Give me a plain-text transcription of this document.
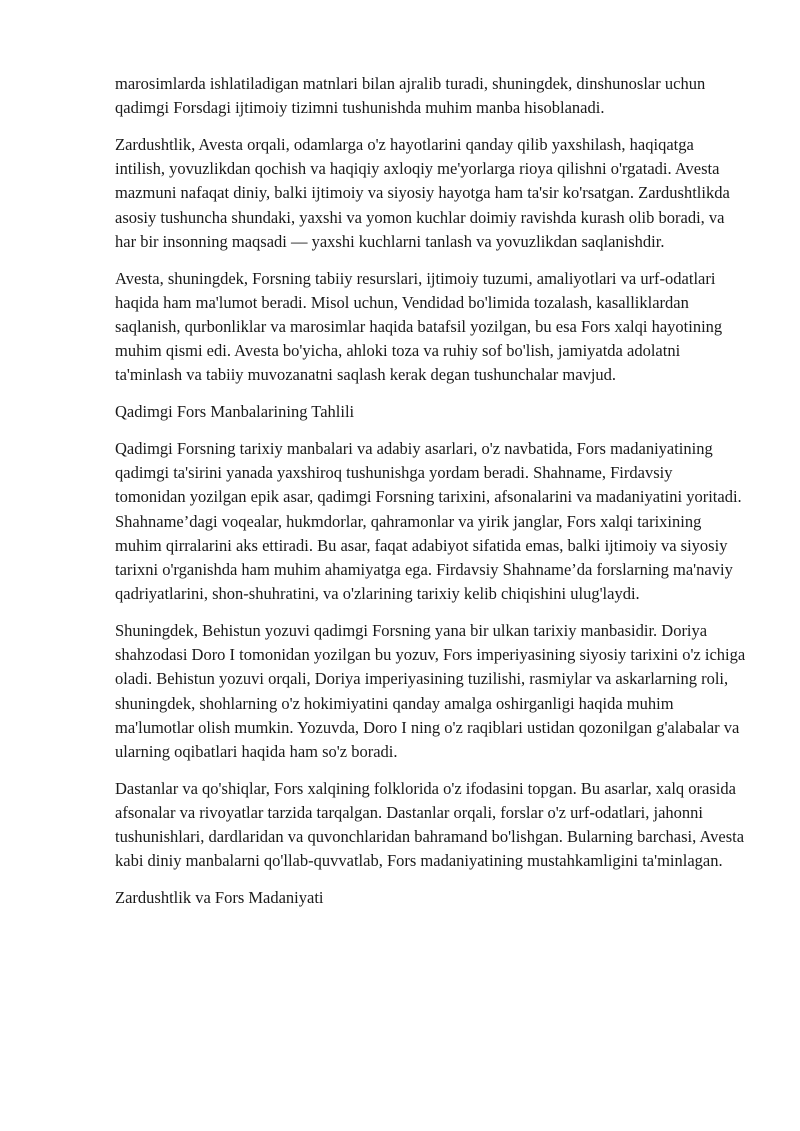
marosimlarda ishlatiladigan matnlari bilan ajralib turadi, shuningdek, dinshunoslar uchun qadimgi Forsdagi ijtimoiy tizimni tushunishda muhim manba hisoblanadi.

Zardushtlik, Avesta orqali, odamlarga o'z hayotlarini qanday qilib yaxshilash, haqiqatga intilish, yovuzlikdan qochish va haqiqiy axloqiy me'yorlarga rioya qilishni o'rgatadi. Avesta mazmuni nafaqat diniy, balki ijtimoiy va siyosiy hayotga ham ta'sir ko'rsatgan. Zardushtlikda asosiy tushuncha shundaki, yaxshi va yomon kuchlar doimiy ravishda kurash olib boradi, va har bir insonning maqsadi — yaxshi kuchlarni tanlash va yovuzlikdan saqlanishdir.

Avesta, shuningdek, Forsning tabiiy resurslari, ijtimoiy tuzumi, amaliyotlari va urf-odatlari haqida ham ma'lumot beradi. Misol uchun, Vendidad bo'limida tozalash, kasalliklardan saqlanish, qurbonliklar va marosimlar haqida batafsil yozilgan, bu esa Fors xalqi hayotining muhim qismi edi. Avesta bo'yicha, ahloki toza va ruhiy sof bo'lish, jamiyatda adolatni ta'minlash va tabiiy muvozanatni saqlash kerak degan tushunchalar mavjud.

Qadimgi Fors Manbalarining Tahlili

Qadimgi Forsning tarixiy manbalari va adabiy asarlari, o'z navbatida, Fors madaniyatining qadimgi ta'sirini yanada yaxshiroq tushunishga yordam beradi. Shahname, Firdavsiy tomonidan yozilgan epik asar, qadimgi Forsning tarixini, afsonalarini va madaniyatini yoritadi. Shahname’dagi voqealar, hukmdorlar, qahramonlar va yirik janglar, Fors xalqi tarixining muhim qirralarini aks ettiradi. Bu asar, faqat adabiyot sifatida emas, balki ijtimoiy va siyosiy tarixni o'rganishda ham muhim ahamiyatga ega. Firdavsiy Shahname’da forslarning ma'naviy qadriyatlarini, shon-shuhratini, va o'zlarining tarixiy kelib chiqishini ulug'laydi.

Shuningdek, Behistun yozuvi qadimgi Forsning yana bir ulkan tarixiy manbasidir. Doriya shahzodasi Doro I tomonidan yozilgan bu yozuv, Fors imperiyasining siyosiy tarixini o'z ichiga oladi. Behistun yozuvi orqali, Doriya imperiyasining tuzilishi, rasmiylar va askarlarning roli, shuningdek, shohlarning o'z hokimiyatini qanday amalga oshirganligi haqida muhim ma'lumotlar olish mumkin. Yozuvda, Doro I ning o'z raqiblari ustidan qozonilgan g'alabalar va ularning oqibatlari haqida ham so'z boradi.

Dastanlar va qo'shiqlar, Fors xalqining folklorida o'z ifodasini topgan. Bu asarlar, xalq orasida afsonalar va rivoyatlar tarzida tarqalgan. Dastanlar orqali, forslar o'z urf-odatlari, jahonni tushunishlari, dardlaridan va quvonchlaridan bahramand bo'lishgan. Bularning barchasi, Avesta kabi diniy manbalarni qo'llab-quvvatlab, Fors madaniyatining mustahkamligini ta'minlagan.

Zardushtlik va Fors Madaniyati
